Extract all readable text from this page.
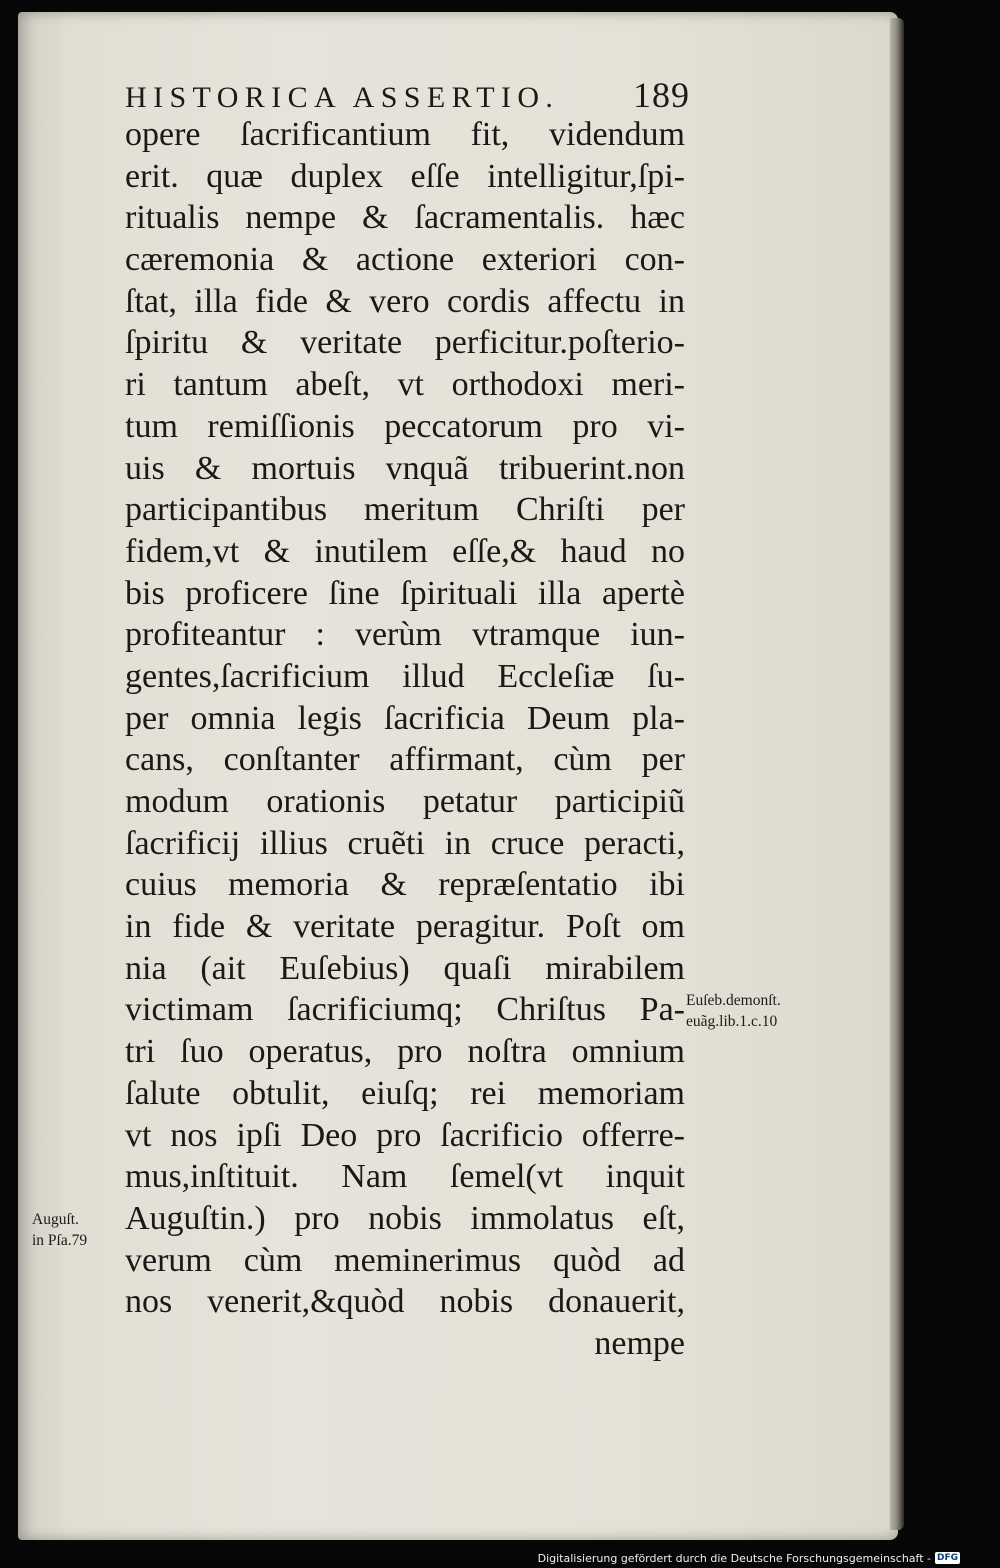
HISTORICA ASSERTIO. 189
opere ſacrificantium fit, videndum
erit. quæ duplex eſſe intelligitur,ſpi-
ritualis nempe & ſacramentalis. hæc
cæremonia & actione exteriori con-
ſtat, illa fide & vero cordis affectu in
ſpiritu & veritate perficitur.poſterio-
ri tantum abeſt, vt orthodoxi meri-
tum remiſſionis peccatorum pro vi-
uis & mortuis vnquã tribuerint.non
participantibus meritum Chriſti per
fidem,vt & inutilem eſſe,& haud no
bis proficere ſine ſpirituali illa apertè
profiteantur : verùm vtramque iun-
gentes,ſacrificium illud Eccleſiæ ſu-
per omnia legis ſacrificia Deum pla-
cans, conſtanter affirmant, cùm per
modum orationis petatur participiũ
ſacrificij illius cruẽti in cruce peracti,
cuius memoria & repræſentatio ibi
in fide & veritate peragitur. Poſt om
nia (ait Euſebius) quaſi mirabilem
victimam ſacrificiumq; Chriſtus Pa-
tri ſuo operatus, pro noſtra omnium
ſalute obtulit, eiuſq; rei memoriam
vt nos ipſi Deo pro ſacrificio offerre-
mus,inſtituit. Nam ſemel(vt inquit
Auguſtin.) pro nobis immolatus eſt,
verum cùm meminerimus quòd ad
nos venerit,&quòd nobis donauerit,
nempe
Euſeb.demonſt.
euãg.lib.1.c.10
Auguſt.
in Pſa.79
Digitalisierung gefördert durch die Deutsche Forschungsgemeinschaft - DFG
